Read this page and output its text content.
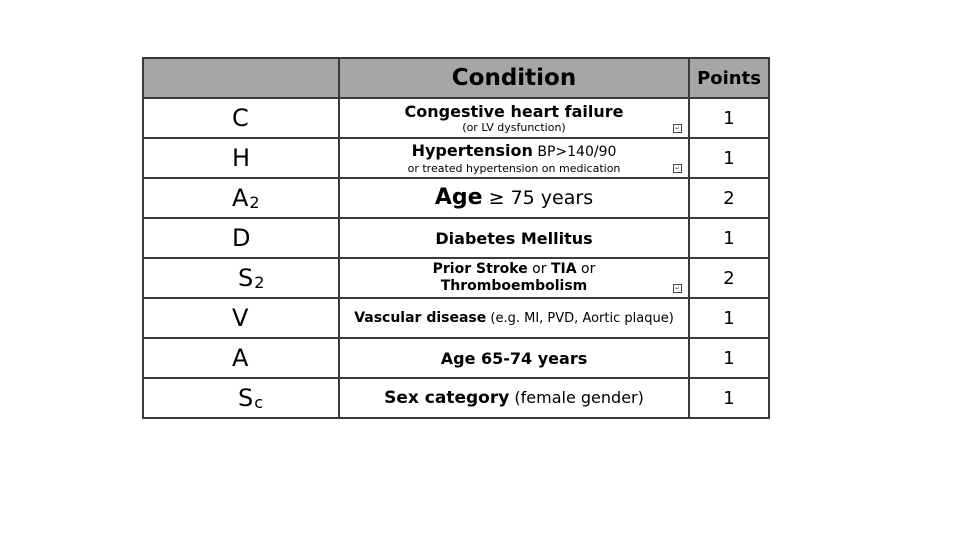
	Condition	Points
C	Congestive heart failure
(or LV dysfunction) ↵	1
H	Hypertension BP>140/90
or treated hypertension on medication ↵	1
A2	Age ≥ 75 years	2
D	Diabetes Mellitus	1
S2	Prior Stroke or TIA or
Thromboembolism ↵	2
V	Vascular disease (e.g. MI, PVD, Aortic plaque)	1
A	Age 65-74 years	1
Sc	Sex category (female gender)	1
